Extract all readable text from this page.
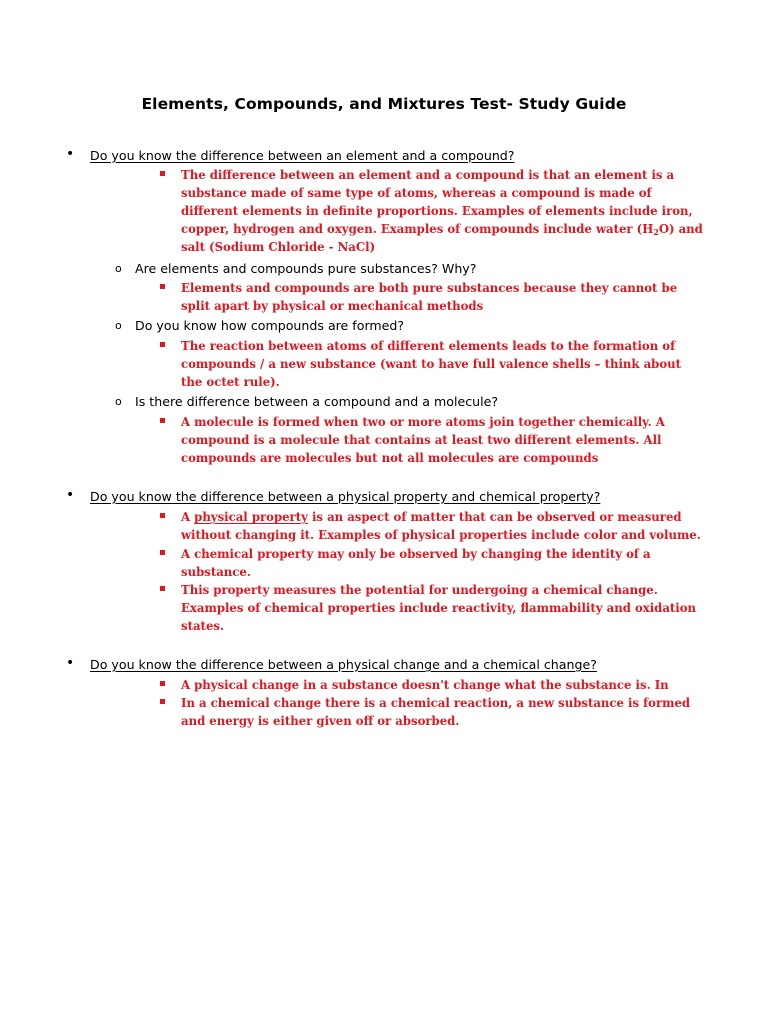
Elements, Compounds, and Mixtures Test- Study Guide
• Do you know the difference between an element and a compound?
The difference between an element and a compound is that an element is a substance made of same type of atoms, whereas a compound is made of different elements in definite proportions. Examples of elements include iron, copper, hydrogen and oxygen. Examples of compounds include water $(H_2O)$ and salt (Sodium Chloride - NaCl)
o Are elements and compounds pure substances? Why?
Elements and compounds are both pure substances because they cannot be split apart by physical or mechanical methods
o Do you know how compounds are formed?
The reaction between atoms of different elements leads to the formation of compounds / a new substance (want to have full valence shells – think about the octet rule).
o Is there difference between a compound and a molecule?
A molecule is formed when two or more atoms join together chemically. A compound is a molecule that contains at least two different elements. All compounds are molecules but not all molecules are compounds
• Do you know the difference between a physical property and chemical property?
A physical property is an aspect of matter that can be observed or measured without changing it. Examples of physical properties include color and volume.
A chemical property may only be observed by changing the identity of a substance.
This property measures the potential for undergoing a chemical change. Examples of chemical properties include reactivity, flammability and oxidation states.
• Do you know the difference between a physical change and a chemical change?
A physical change in a substance doesn't change what the substance is. In
In a chemical change there is a chemical reaction, a new substance is formed and energy is either given off or absorbed.
